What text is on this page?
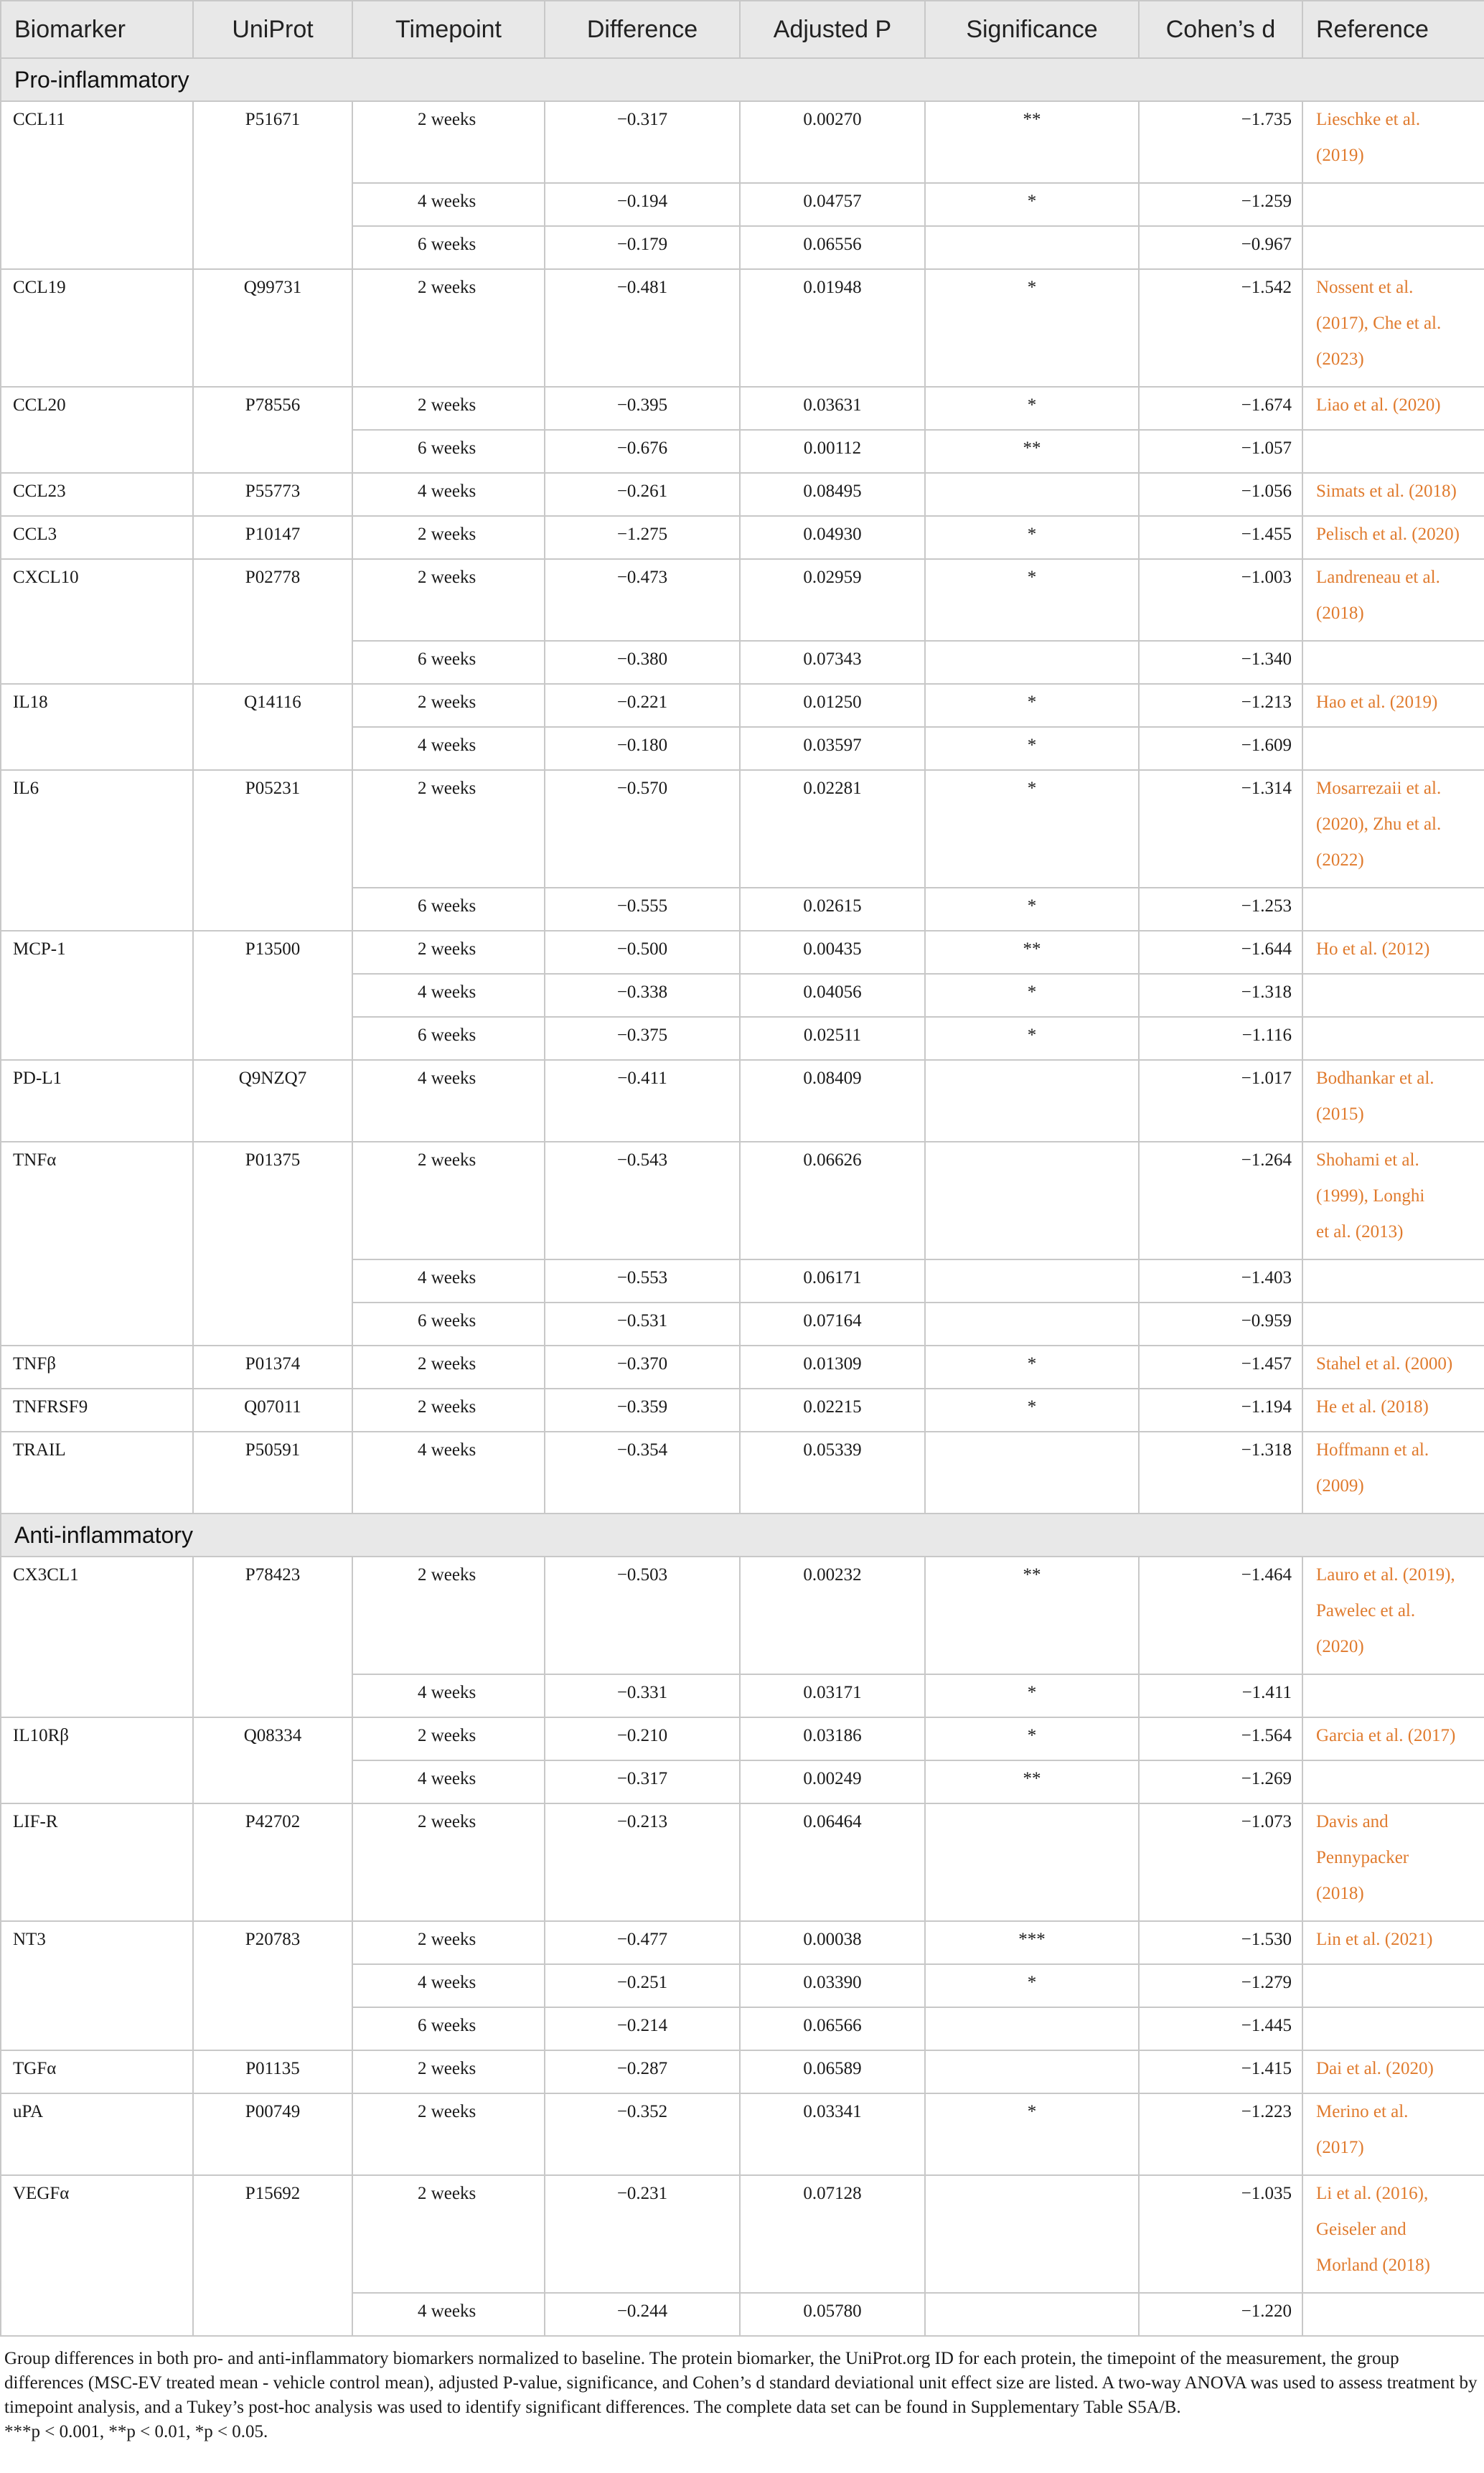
Biomarker	UniProt	Timepoint	Difference	Adjusted P	Significance	Cohen’s d	Reference
Pro-inflammatory							
CCL11	P51671	2 weeks	−0.317	0.00270	**	−1.735	Lieschke et al.
(2019)

		4 weeks	−0.194	0.04757	*	−1.259	
		6 weeks	−0.179	0.06556		−0.967	
CCL19	Q99731	2 weeks	−0.481	0.01948	*	−1.542	Nossent et al.
(2017), Che et al.
(2023)

CCL20	P78556	2 weeks	−0.395	0.03631	*	−1.674	Liao et al. (2020)

		6 weeks	−0.676	0.00112	**	−1.057	
CCL23	P55773	4 weeks	−0.261	0.08495		−1.056	Simats et al. (2018)

CCL3	P10147	2 weeks	−1.275	0.04930	*	−1.455	Pelisch et al. (2020)

CXCL10	P02778	2 weeks	−0.473	0.02959	*	−1.003	Landreneau et al.
(2018)

		6 weeks	−0.380	0.07343		−1.340	
IL18	Q14116	2 weeks	−0.221	0.01250	*	−1.213	Hao et al. (2019)

		4 weeks	−0.180	0.03597	*	−1.609	
IL6	P05231	2 weeks	−0.570	0.02281	*	−1.314	Mosarrezaii et al.
(2020), Zhu et al.
(2022)

		6 weeks	−0.555	0.02615	*	−1.253	
MCP-1	P13500	2 weeks	−0.500	0.00435	**	−1.644	Ho et al. (2012)

		4 weeks	−0.338	0.04056	*	−1.318	
		6 weeks	−0.375	0.02511	*	−1.116	
PD-L1	Q9NZQ7	4 weeks	−0.411	0.08409		−1.017	Bodhankar et al.
(2015)

TNFα	P01375	2 weeks	−0.543	0.06626		−1.264	Shohami et al.
(1999), Longhi
et al. (2013)

		4 weeks	−0.553	0.06171		−1.403	
		6 weeks	−0.531	0.07164		−0.959	
TNFβ	P01374	2 weeks	−0.370	0.01309	*	−1.457	Stahel et al. (2000)

TNFRSF9	Q07011	2 weeks	−0.359	0.02215	*	−1.194	He et al. (2018)

TRAIL	P50591	4 weeks	−0.354	0.05339		−1.318	Hoffmann et al.
(2009)

Anti-inflammatory							
CX3CL1	P78423	2 weeks	−0.503	0.00232	**	−1.464	Lauro et al. (2019),
Pawelec et al.
(2020)

		4 weeks	−0.331	0.03171	*	−1.411	
IL10Rβ	Q08334	2 weeks	−0.210	0.03186	*	−1.564	Garcia et al. (2017)

		4 weeks	−0.317	0.00249	**	−1.269	
LIF-R	P42702	2 weeks	−0.213	0.06464		−1.073	Davis and
Pennypacker
(2018)

NT3	P20783	2 weeks	−0.477	0.00038	***	−1.530	Lin et al. (2021)

		4 weeks	−0.251	0.03390	*	−1.279	
		6 weeks	−0.214	0.06566		−1.445	
TGFα	P01135	2 weeks	−0.287	0.06589		−1.415	Dai et al. (2020)

uPA	P00749	2 weeks	−0.352	0.03341	*	−1.223	Merino et al.
(2017)

VEGFα	P15692	2 weeks	−0.231	0.07128		−1.035	Li et al. (2016),
Geiseler and
Morland (2018)

		4 weeks	−0.244	0.05780		−1.220	

Group differences in both pro- and anti-inflammatory biomarkers normalized to baseline. The protein biomarker, the UniProt.org ID for each protein, the timepoint of the measurement, the group differences (MSC-EV treated mean - vehicle control mean), adjusted P-value, significance, and Cohen’s d standard deviational unit effect size are listed. A two-way ANOVA was used to assess treatment by timepoint analysis, and a Tukey’s post-hoc analysis was used to identify significant differences. The complete data set can be found in Supplementary Table S5A/B.

***p < 0.001, **p < 0.01, *p < 0.05.
